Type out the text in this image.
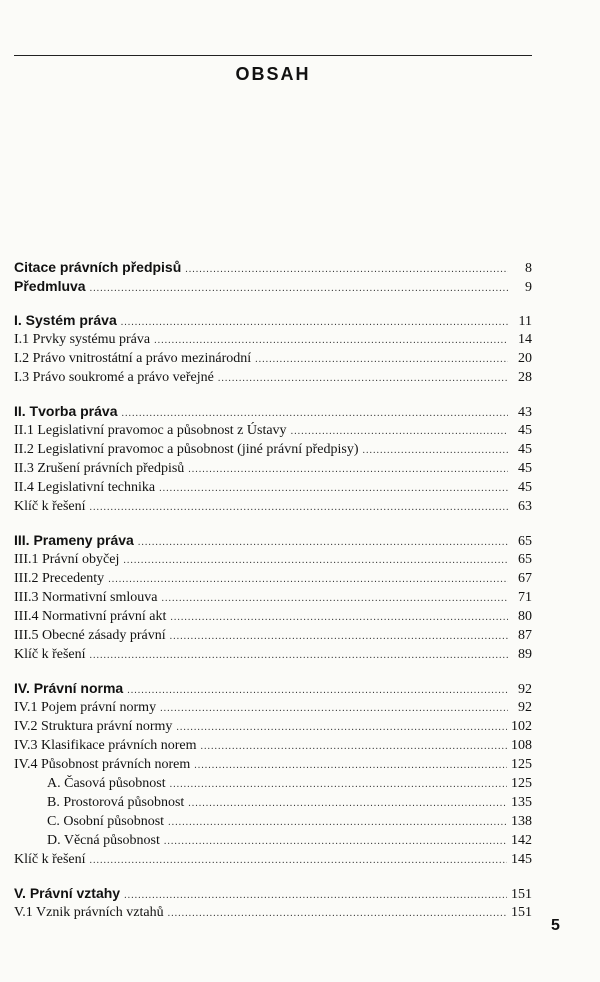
OBSAH
Citace právních předpisů .....	8
Předmluva .....	9
I. Systém práva .....	11
I.1 Prvky systému práva .....	14
I.2 Právo vnitrostátní a právo mezinárodní .....	20
I.3 Právo soukromé a právo veřejné .....	28
II. Tvorba práva .....	43
II.1 Legislativní pravomoc a působnost z Ústavy .....	45
II.2 Legislativní pravomoc a působnost (jiné právní předpisy) .....	45
II.3 Zrušení právních předpisů .....	45
II.4 Legislativní technika .....	45
Klíč k řešení .....	63
III. Prameny práva .....	65
III.1 Právní obyčej .....	65
III.2 Precedenty .....	67
III.3 Normativní smlouva .....	71
III.4 Normativní právní akt .....	80
III.5 Obecné zásady právní .....	87
Klíč k řešení .....	89
IV. Právní norma .....	92
IV.1 Pojem právní normy .....	92
IV.2 Struktura právní normy .....	102
IV.3 Klasifikace právních norem .....	108
IV.4 Působnost právních norem .....	125
A. Časová působnost .....	125
B. Prostorová působnost .....	135
C. Osobní působnost .....	138
D. Věcná působnost .....	142
Klíč k řešení .....	145
V. Právní vztahy .....	151
V.1 Vznik právních vztahů .....	151
5
